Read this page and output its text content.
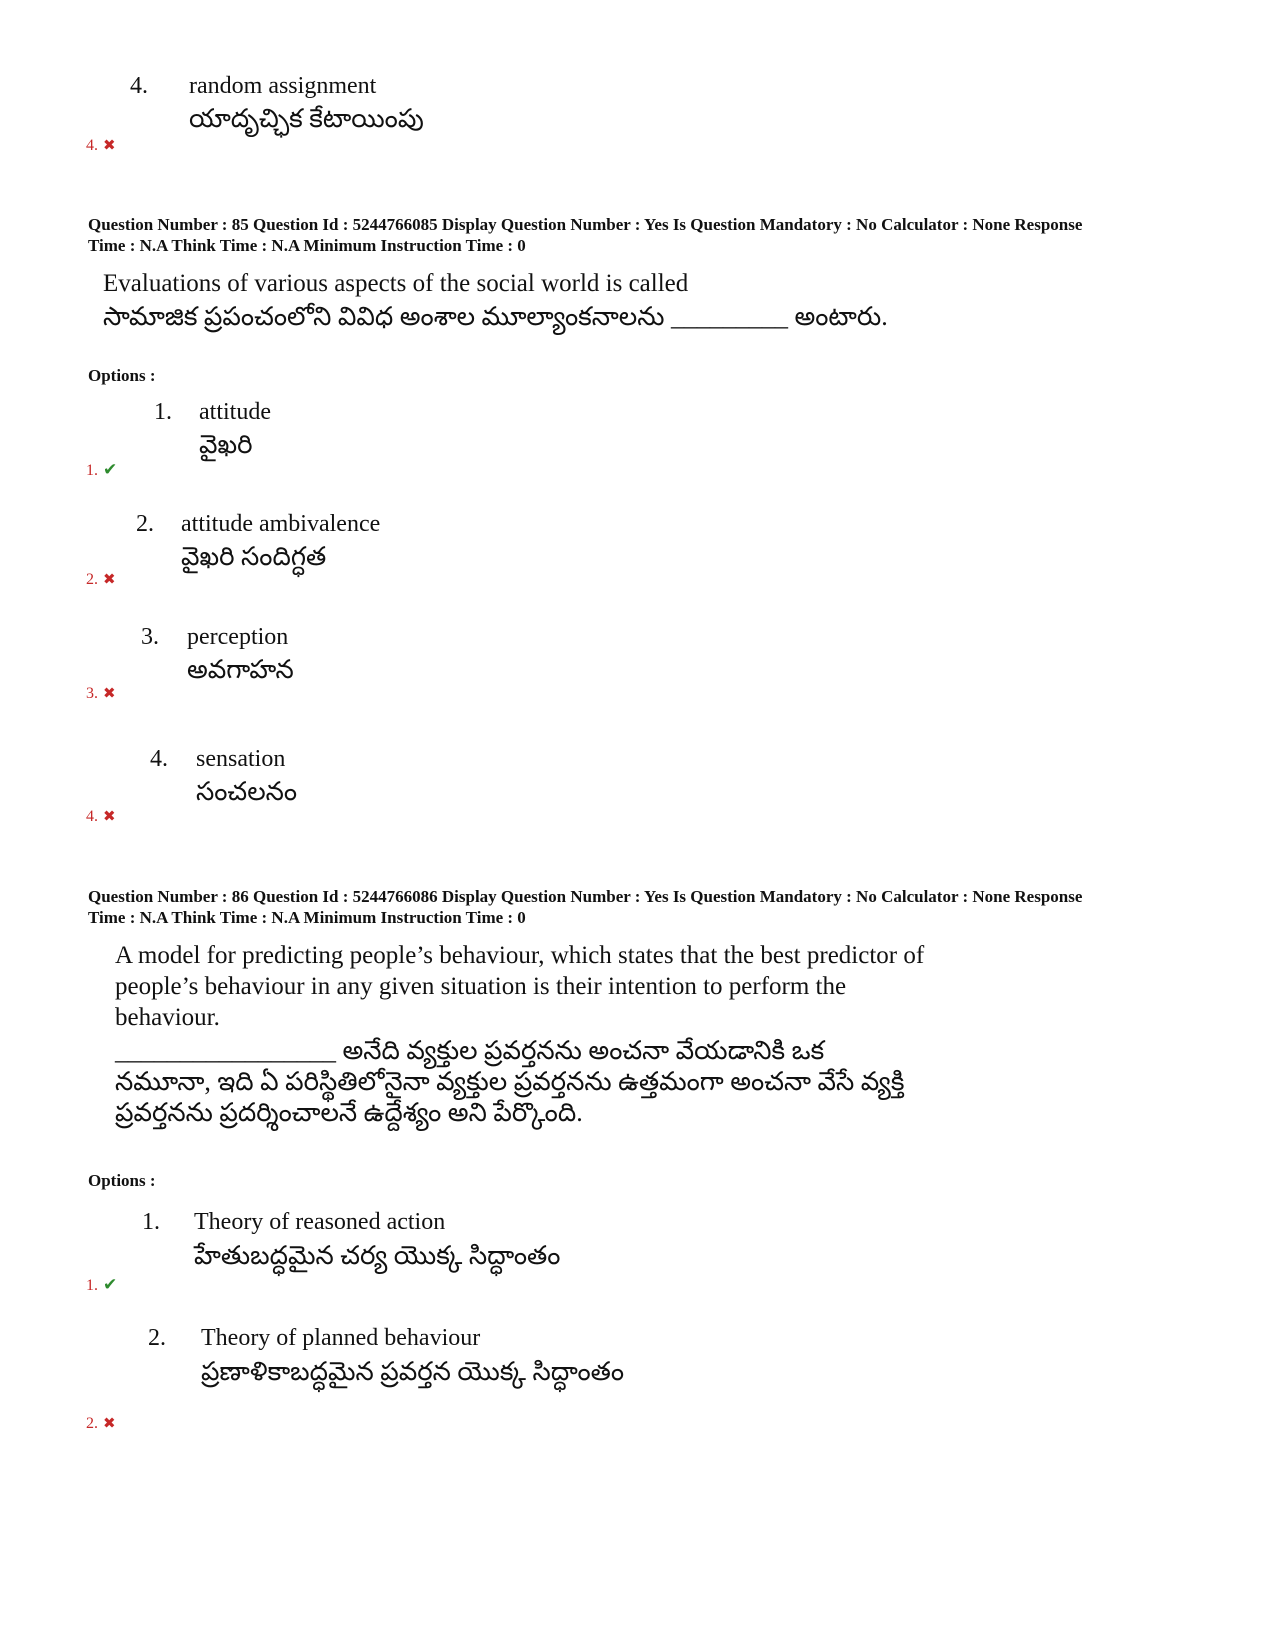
4. random assignment
యాదృచ్ఛిక కేటాయింపు
4. ✖
Question Number : 85 Question Id : 5244766085 Display Question Number : Yes Is Question Mandatory : No Calculator : None Response
Time : N.A Think Time : N.A Minimum Instruction Time : 0
Evaluations of various aspects of the social world is called
సామాజిక ప్రపంచంలోని వివిధ అంశాల మూల్యాంకనాలను _________ అంటారు.
Options :
1. attitude
వైఖరి
1. ✔
2. attitude ambivalence
వైఖరి సందిగ్ధత
2. ✖
3. perception
అవగాహన
3. ✖
4. sensation
సంచలనం
4. ✖
Question Number : 86 Question Id : 5244766086 Display Question Number : Yes Is Question Mandatory : No Calculator : None Response
Time : N.A Think Time : N.A Minimum Instruction Time : 0
A model for predicting people’s behaviour, which states that the best predictor of
people’s behaviour in any given situation is their intention to perform the
behaviour.
_________________ అనేది వ్యక్తుల ప్రవర్తనను అంచనా వేయడానికి ఒక
నమూనా, ఇది ఏ పరిస్థితిలోనైనా వ్యక్తుల ప్రవర్తనను ఉత్తమంగా అంచనా వేసే వ్యక్తి
ప్రవర్తనను ప్రదర్శించాలనే ఉద్దేశ్యం అని పేర్కొంది.
Options :
1. Theory of reasoned action
హేతుబద్ధమైన చర్య యొక్క సిద్ధాంతం
1. ✔
2. Theory of planned behaviour
ప్రణాళికాబద్ధమైన ప్రవర్తన యొక్క సిద్ధాంతం
2. ✖
